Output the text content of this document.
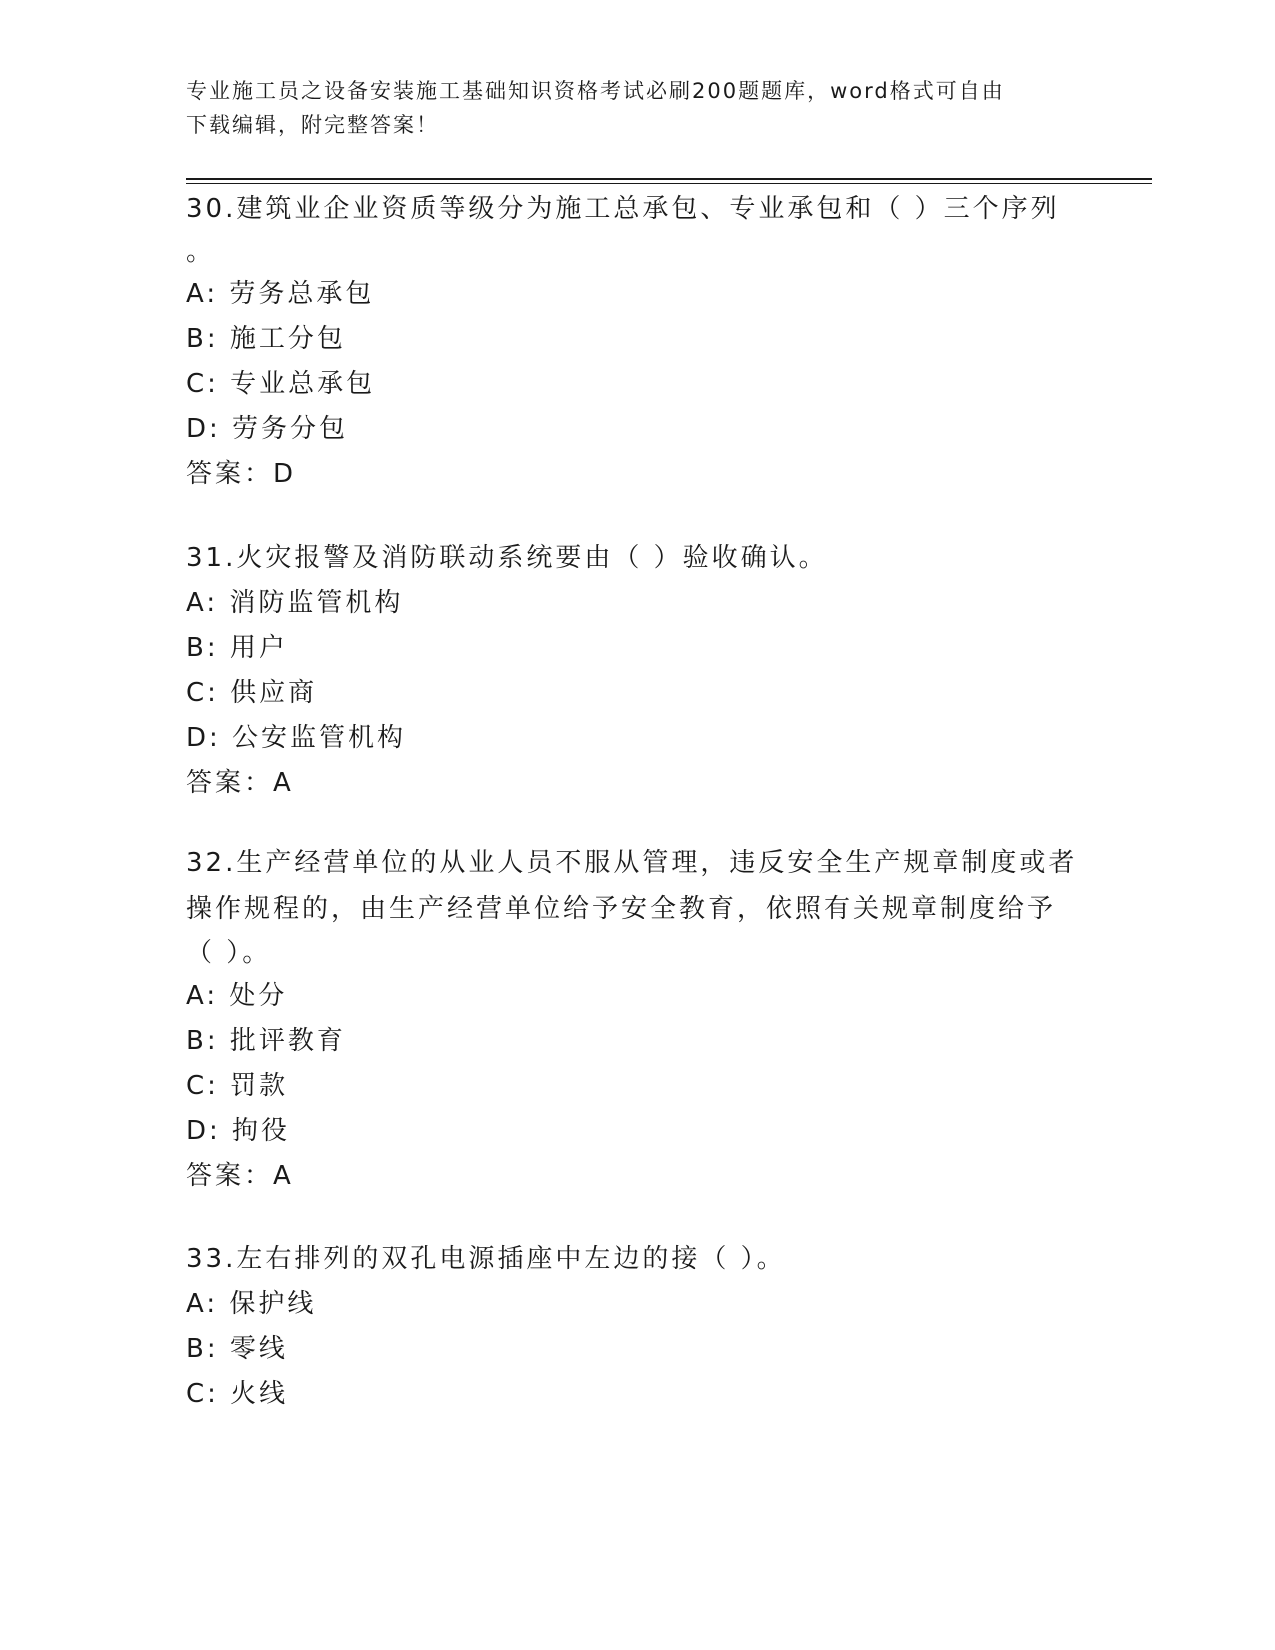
专业施工员之设备安装施工基础知识资格考试必刷200题题库，word格式可自由
下载编辑，附完整答案！
30.建筑业企业资质等级分为施工总承包、专业承包和（ ）三个序列
。
A: 劳务总承包
B: 施工分包
C: 专业总承包
D: 劳务分包
答案：D
31.火灾报警及消防联动系统要由（ ）验收确认。
A: 消防监管机构
B: 用户
C: 供应商
D: 公安监管机构
答案：A
32.生产经营单位的从业人员不服从管理，违反安全生产规章制度或者
操作规程的，由生产经营单位给予安全教育，依照有关规章制度给予
（ ）。
A: 处分
B: 批评教育
C: 罚款
D: 拘役
答案：A
33.左右排列的双孔电源插座中左边的接（ ）。
A: 保护线
B: 零线
C: 火线
